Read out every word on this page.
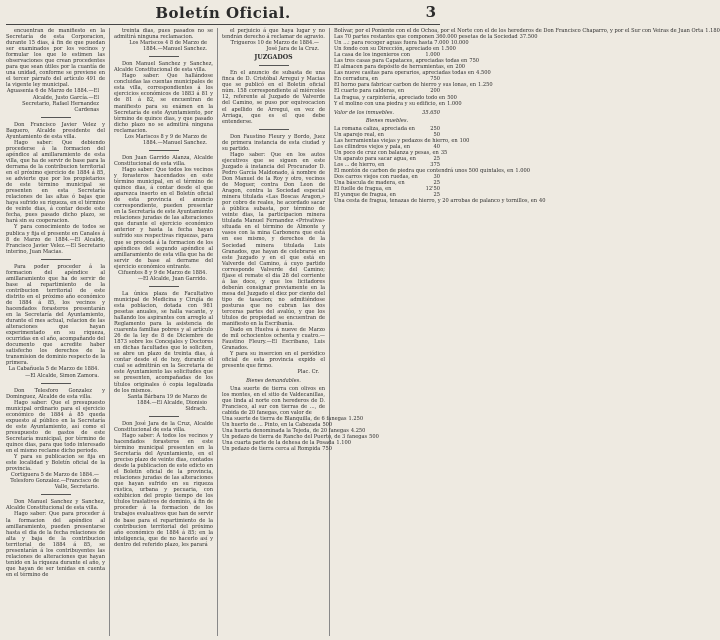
Boletín Oficial.	3

encuentran de manifiesto en la Secretaría de esta Corporacion, durante 15 dias, á fin de que puedan ser examinados por los vecinos y formular los que lo estimen las observaciones que crean procedentes para que sean útiles por la cuantía de una unidad, conforme se previene en el tercer párrafo del artículo 491 de la vigente ley municipal.

Aguasenia 6 de Marzo de 1884.—El Alcalde, Justo García.—El Secretario, Rafael Hernandez Cardenas

Don Francisco Javier Velez y Baquero, Alcalde presidente del Ayuntamiento de esta villa.

Hago saber: Que debiendo procederse á la formacion del apéndice al amillaramiento de esta villa, que ha de servir de base para la derrama de la contribucion territorial en el próximo ejercicio de 1884 á 85, se advierte que por los propietarios de este término municipal se presenten en esta Secretaría relaciones de las altas ó bajas que haya sufrido su riqueza, en el término de veinte dias, á contar desde este fecha, pues pasado dicho plazo, se hará sin su cooperacion.

Y para conocimiento de todos se publica y fija el presente en Canales á 8 de Marzo de 1884.—El Alcalde, Francisco Javier Velez.—El Secretario interino, Juan Macias.

Para poder proceder á la formacion del apéndice al amillaramiento que ha de servir de base al repartimiento de la contribucion territorial de este distrito en el próximo año económico de 1884 á 85, los vecinos y hacendados forasteros presentarán en la Secretaría del Ayuntamiento, durante el mes actual, relacion de las alteraciones que hayan experimentado en su riqueza, ocurridas en el año, acompañando del documento que acredite haber satisfecho los derechos de la transmision de dominio respecto de la primera.

La Cabañuela 5 de Marzo de 1884.—El Alcalde, Simon Zamora.

Don Telesforo Gonzalez y Dominguez, Alcalde de esta villa.

Hago saber: Que el presupuesto municipal ordinario para el ejercicio económico de 1884 á 85 queda expuesto al público en la Secretaría de este Ayuntamiento, así como el presupuesto de gastos de este Secretaría municipal, por término de quince dias, para que todo interesado en el mismo reclame dicho periodo.

Y para su publicacion se fija en este localidad y Boletín oficial de la provincia.

Cortiguera 5 de Marzo de 1884.—Telesforo Gonzalez.—Francisco de Valle, Secretario.

Don Manuel Sanchez y Sanchez, Alcalde Constitucional de esta villa.

Hago saber: Que para proceder á la formacion del apéndice al amillaramiento, pueden presentarse hasta el dia de la fecha relaciones de alta y baja de la contribucion territorial de 1884 á 85, se presentarán á los contribuyentes las relaciones de alteraciones que hayan tenido en la riqueza durante el año, y que hayan de ser tenidas en cuenta en el término de

treinta dias, pues pasados no se admitirá ninguna reclamacion.

Los Mariscos 4 8 de Marzo de 1884.—Manuel Sanchez.

Don Manuel Sanchez y Sanchez, Alcalde Constitucional de esta villa.

Hago saber: Que hallándose concluidas las cuentas municipales de esta villa, correspondientes á los ejercicios económicos de 1883 á 81 y de 81 á 82, se encuentran de manifiesto para su exámen en la Secretaría de este Ayuntamiento, por término de quince dias, y que pasado dicho plazo no se admitirá ninguna reclamacion.

Los Mariscos 8 y 9 de Marzo de 1884.—Manuel Sanchez.

Don Juan Garrido Alanza, Alcalde Constitucional de esta villa.

Hago saber: Que todos los vecinos y forasteros hacendados en este término municipal, en el término de quince dias, á contar desde el que aparezca inserto en el Boletín oficial de esta provincia el anuncio correspondiente, pueden presentar en la Secretaría de este Ayuntamiento relaciones juradas de las alteraciones que durante el ejercicio económico anterior y hasta la fecha hayan sufrido sus respectivas riquezas, para que se proceda á la formacion de los apéndices del segundo apéndice al amillaramiento de esta villa que ha de servir de base al derrame del ejercicio económico entrante.

Cifuentes 8 y 9 de Marzo de 1884.—El Alcalde, Juan Garrido.

La única plaza de Facultativo municipal de Medicina y Cirujía de esta poblacion, dotada con 981 pesetas anuales, se halla vacante, y hallando los aspirantes con arreglo al Reglamento para la asistencia de cuarenta familias pobres y al artículo 26 de la ley de 8 de Diciembre de 1873 sobre los Concejales y Doctores en dichas facultades que lo soliciten, se abre un plazo de treinta dias, á contar desde el de hoy, durante el cual se admitirán en la Secretaría de este Ayuntamiento las solicitudes que se presenten, acompañadas de los títulos originales ó copia legalizada de los mismos.

Santa Bárbara 19 de Marzo de 1884.—El Alcalde, Dionisio Sidrach.

Don José Jara de la Cruz, Alcalde Constitucional de esta villa.

Hago saber: Á todos los vecinos y hacendados forasteros en este término municipal presenten en la Secretaría del Ayuntamiento, en el preciso plazo de veinte dias, contados desde la publicacion de este edicto en el Boletín oficial de la provincia, relaciones juradas de las alteraciones que hayan sufrido en su riqueza rústica, urbana y pecuaria, con exhibicion del propio tiempo de los títulos traslativos de dominio, á fin de proceder á la formacion de los trabajos evaluativos que han de servir de base para el repartimiento de la contribucion territorial del próximo año económico de 1884 á 85; en la inteligencia, que de no hacerlo así y dentro del referido plazo, les parará

el perjuicio á que haya lugar y no tendrán derecho á reclamar de agravio.

Trigueros 10 de Marzo de 1884.—José Jara de la Cruz.

JUZGADOS

En el anuncio de subasta de una finca de D. Cristóbal Arregui y Macias que se publicó en el Boletín oficial núm. 158 correspondiente al miércoles 12, referente al Juzgado de Valverde del Camino, se puso por equivocacion el apellido de Arregui, en vez de Arriaga, que es el que debe entenderse.

Don Faustino Fleury y Bordo, Juez de primera instancia de esta ciudad y su partido.

Hago saber: Que en los autos ejecutivos que se siguen en este Juzgado á instancia del Procurador D. Pedro García Maldonado, á nombre de Don Manuel de la Roy y otro, vecinos de Moguer, contra Don Leon de Aragon, contra la Sociedad especial minera titulada «Las Boscas Aragon,» por cobro de reales, he acordado sacar á pública subasta, por término de veinte dias, la participacion minera titulada Manuel Fernandez «Privativa» situada en el término de Almonte y vasos con la mina Carbonera que está en ese mismo, y derechos de la Sociedad minera titulada Luis Granados, que hayan de celebrarse en este Juzgado y en el que está en Valverde del Camino, á cuyo partido corresponde Valverde del Camino; fíjase el remate el dia 28 del corriente á las doce, y que los licitadores deberán consignar previamente en la mesa del Juzgado el diez por ciento del tipo de tasacion; no admitiéndose posturas que no cubran las dos terceras partes del avalúo, y que los títulos de propiedad se encuentran de manifiesto en la Escribanía.

Dado en Huelva á nueve de Marzo de mil ochocientos ochenta y cuatro.—Faustino Fleury.—El Escribano, Luis Granados.

Y para su insercion en el periódico oficial de esta provincia expido el presente que firmo.

Plac. Cr.

Bienes demandables.

Una suerte de tierra con olivos en los montes, en el sitio de Valdecanillas, que linda al norte con herederos de D. Francisco, al sur con tierras de ..., de cabida de 20 fanegas, con valor de

Una suerte de tierra de Blanquilla, de 6 fanegas 1.250
Un huerto de ... Pinto, en la Cabezada 500
Una huerta denominada la Tejeda, de 20 fanegas 4.250
Un pedazo de tierra de Rancho del Puerto, de 3 fanegas 500
Una cuarta parte de la dehesa de la Posada 1.100
Un pedazo de tierra cerca al Rompida 750
Bolívar, por el Poniente con el de Ochoa, por el Norte con el de los herederos de Don Francisco Chaparro, y por el Sur con Veiras de Juan Orta 1.180
Las 70 partes restantes que componen 360.000 pesetas de la Sociedad 37.500
Un ...: para recoger aguas fuera hasta 7.000 10.000
Un fondo con su Dirección, apreciado en 1.500
La casa de los ingenieros con	1.000
Las tres casas para Capataces, apreciadas todas en 750
El almacen para depósito de herramientas, en 200
Las nueve casitas para operarios, apreciadas todas en 4.500
En cerradura, en	750
El horno para fabricar carbon de hierro y sus lonas, en 1.250
El cuarto para calderas, en	200
La fragua, y carpintería, apreciado todo en 500
Y el molino con una piedra y su edificio, en 1.000
Valor de los inmuebles.	35.650
Bienes muebles.
La romana caliza, apreciada en	250
Un aparejo real, en	50
Las herramientas viejas y pedazos de hierro, en 100
Los cilindros viejos y pala, en	40
Un poco de cruz con balanza y pesas, en 35
Un aparato para sacar agua, en	25
Los ... de hierro, en	375
El montón de carbon de piedra que contendrá unos 500 quintales, en 1.000
Dos carros viejos con ruedas, en	30
Una báscula de madera, en	25
El fuelle de fragua, en	12'50
El yunque de fragua, en	25
Una cesta de fragua, tenazas de hierro, y 20 arrobas de palanco y tornillos, en 40
